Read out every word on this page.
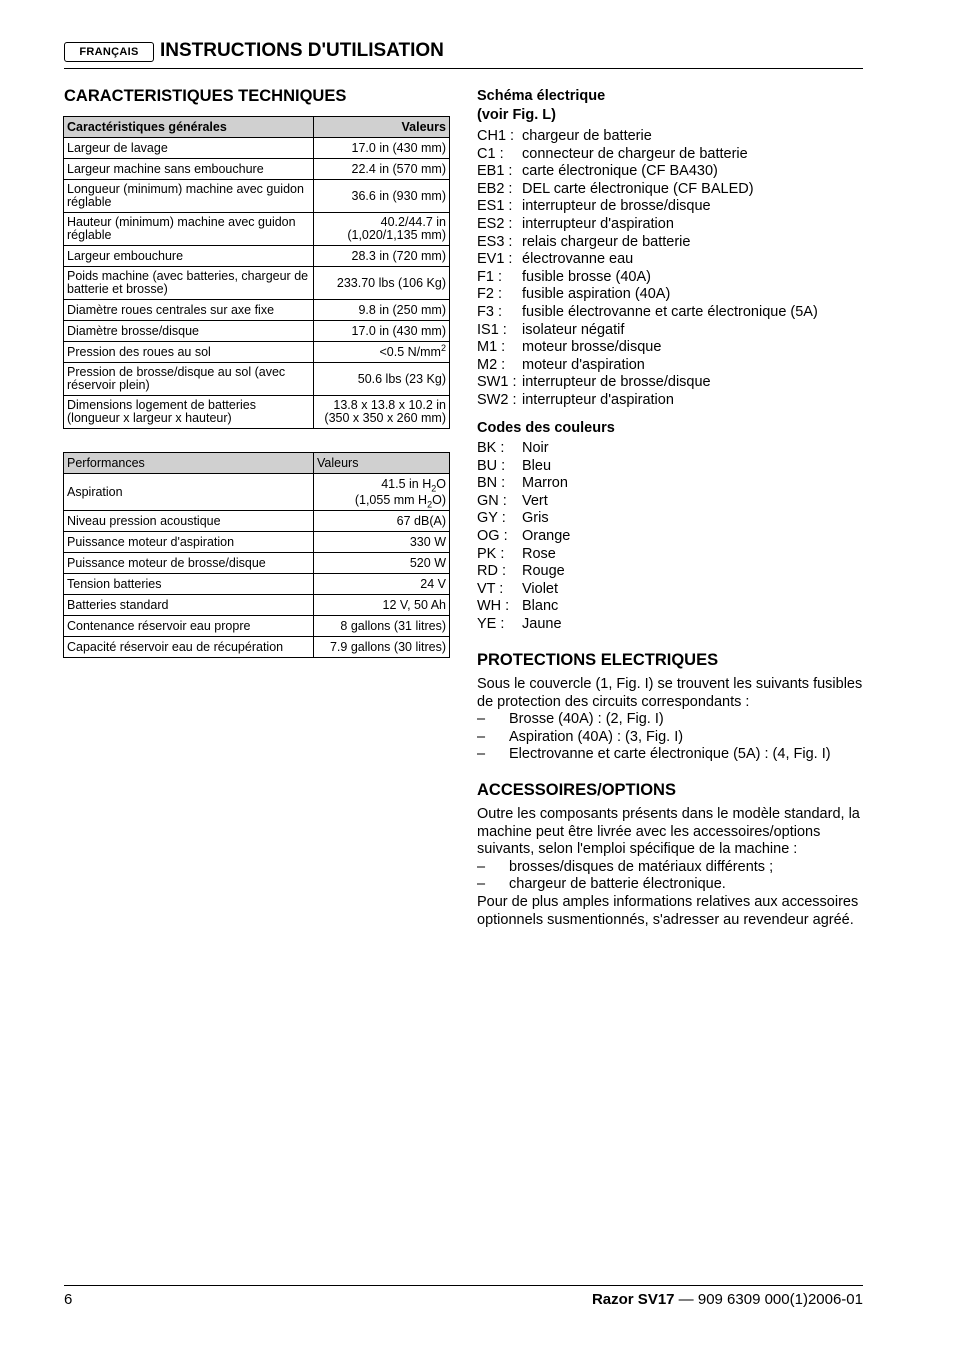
FRANÇAIS	INSTRUCTIONS D'UTILISATION
CARACTERISTIQUES TECHNIQUES
Caractéristiques générales	Valeurs
Largeur de lavage	17.0 in (430 mm)
Largeur machine sans embouchure	22.4 in (570 mm)
Longueur (minimum) machine avec guidon réglable	36.6 in (930 mm)
Hauteur (minimum) machine avec guidon réglable	40.2/44.7 in (1,020/1,135 mm)
Largeur embouchure	28.3 in (720 mm)
Poids machine (avec batteries, chargeur de batterie et brosse)	233.70 lbs (106 Kg)
Diamètre roues centrales sur axe fixe	9.8 in (250 mm)
Diamètre brosse/disque	17.0 in (430 mm)
Pression des roues au sol	<0.5 $N/mm^2$
Pression de brosse/disque au sol (avec réservoir plein)	50.6 lbs (23 Kg)
Dimensions logement de batteries (longueur x largeur x hauteur)	13.8 x 13.8 x 10.2 in (350 x 350 x 260 mm)
Performances	Valeurs
Aspiration	41.5 in $H_2O$
(1,055 mm $H_2O$)
Niveau pression acoustique	67 dB(A)
Puissance moteur d'aspiration	330 W
Puissance moteur de brosse/disque	520 W
Tension batteries	24 V
Batteries standard	12 V, 50 Ah
Contenance réservoir eau propre	8 gallons (31 litres)
Capacité réservoir eau de récupération	7.9 gallons (30 litres)
Schéma électrique
(voir Fig. L)
CH1 : chargeur de batterie
C1 : connecteur de chargeur de batterie
EB1 : carte électronique (CF BA430)
EB2 : DEL carte électronique (CF BALED)
ES1 : interrupteur de brosse/disque
ES2 : interrupteur d'aspiration
ES3 : relais chargeur de batterie
EV1 : électrovanne eau
F1 : fusible brosse (40A)
F2 : fusible aspiration (40A)
F3 : fusible électrovanne et carte électronique (5A)
IS1 : isolateur négatif
M1 : moteur brosse/disque
M2 : moteur d'aspiration
SW1 : interrupteur de brosse/disque
SW2 : interrupteur d'aspiration
Codes des couleurs
BK : Noir
BU : Bleu
BN : Marron
GN : Vert
GY : Gris
OG : Orange
PK : Rose
RD : Rouge
VT : Violet
WH : Blanc
YE : Jaune
PROTECTIONS ELECTRIQUES

Sous le couvercle (1, Fig. I) se trouvent les suivants fusibles de protection des circuits correspondants :

– Brosse (40A) : (2, Fig. I)
– Aspiration (40A) : (3, Fig. I)
– Electrovanne et carte électronique (5A) : (4, Fig. I)
ACCESSOIRES/OPTIONS

Outre les composants présents dans le modèle standard, la machine peut être livrée avec les accessoires/options suivants, selon l'emploi spécifique de la machine :

– brosses/disques de matériaux différents ;
– chargeur de batterie électronique.

Pour de plus amples informations relatives aux accessoires optionnels susmentionnés, s'adresser au revendeur agréé.

6	Razor SV17 — 909 6309 000(1)2006-01
